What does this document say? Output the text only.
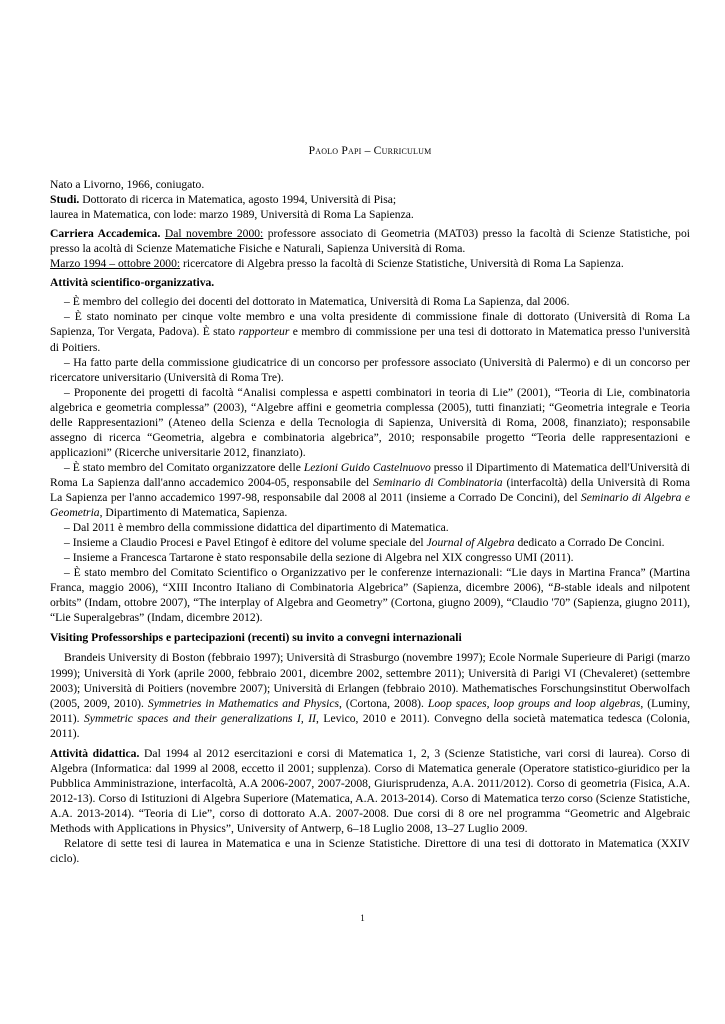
Paolo Papi – Curriculum

Nato a Livorno, 1966, coniugato.

Studi. Dottorato di ricerca in Matematica, agosto 1994, Università di Pisa;
laurea in Matematica, con lode: marzo 1989, Università di Roma La Sapienza.

Carriera Accademica. Dal novembre 2000: professore associato di Geometria (MAT03) presso la facoltà di Scienze Statistiche, poi presso la acoltà di Scienze Matematiche Fisiche e Naturali, Sapienza Università di Roma.
Marzo 1994 – ottobre 2000: ricercatore di Algebra presso la facoltà di Scienze Statistiche, Università di Roma La Sapienza.

Attività scientifico-organizzativa.

– È membro del collegio dei docenti del dottorato in Matematica, Università di Roma La Sapienza, dal 2006.

– È stato nominato per cinque volte membro e una volta presidente di commissione finale di dottorato (Università di Roma La Sapienza, Tor Vergata, Padova). È stato rapporteur e membro di commissione per una tesi di dottorato in Matematica presso l'università di Poitiers.

– Ha fatto parte della commissione giudicatrice di un concorso per professore associato (Università di Palermo) e di un concorso per ricercatore universitario (Università di Roma Tre).

– Proponente dei progetti di facoltà “Analisi complessa e aspetti combinatori in teoria di Lie” (2001), “Teoria di Lie, combinatoria algebrica e geometria complessa” (2003), “Algebre affini e geometria complessa (2005), tutti finanziati; “Geometria integrale e Teoria delle Rappresentazioni” (Ateneo della Scienza e della Tecnologia di Sapienza, Università di Roma, 2008, finanziato); responsabile assegno di ricerca “Geometria, algebra e combinatoria algebrica”, 2010; responsabile progetto “Teoria delle rappresentazioni e applicazioni” (Ricerche universitarie 2012, finanziato).

– È stato membro del Comitato organizzatore delle Lezioni Guido Castelnuovo presso il Dipartimento di Matematica dell'Università di Roma La Sapienza dall'anno accademico 2004-05, responsabile del Seminario di Combinatoria (interfacoltà) della Università di Roma La Sapienza per l'anno accademico 1997-98, responsabile dal 2008 al 2011 (insieme a Corrado De Concini), del Seminario di Algebra e Geometria, Dipartimento di Matematica, Sapienza.

– Dal 2011 è membro della commissione didattica del dipartimento di Matematica.

– Insieme a Claudio Procesi e Pavel Etingof è editore del volume speciale del Journal of Algebra dedicato a Corrado De Concini.

– Insieme a Francesca Tartarone è stato responsabile della sezione di Algebra nel XIX congresso UMI (2011).

– È stato membro del Comitato Scientifico o Organizzativo per le conferenze internazionali: “Lie days in Martina Franca” (Martina Franca, maggio 2006), “XIII Incontro Italiano di Combinatoria Algebrica” (Sapienza, dicembre 2006), “B-stable ideals and nilpotent orbits” (Indam, ottobre 2007), “The interplay of Algebra and Geometry” (Cortona, giugno 2009), “Claudio '70” (Sapienza, giugno 2011), “Lie Superalgebras” (Indam, dicembre 2012).

Visiting Professorships e partecipazioni (recenti) su invito a convegni internazionali

Brandeis University di Boston (febbraio 1997); Università di Strasburgo (novembre 1997); Ecole Normale Superieure di Parigi (marzo 1999); Università di York (aprile 2000, febbraio 2001, dicembre 2002, settembre 2011); Università di Parigi VI (Chevaleret) (settembre 2003); Università di Poitiers (novembre 2007); Università di Erlangen (febbraio 2010). Mathematisches Forschungsinstitut Oberwolfach (2005, 2009, 2010). Symmetries in Mathematics and Physics, (Cortona, 2008). Loop spaces, loop groups and loop algebras, (Luminy, 2011). Symmetric spaces and their generalizations I, II, Levico, 2010 e 2011). Convegno della società matematica tedesca (Colonia, 2011).

Attività didattica. Dal 1994 al 2012 esercitazioni e corsi di Matematica 1, 2, 3 (Scienze Statistiche, vari corsi di laurea). Corso di Algebra (Informatica: dal 1999 al 2008, eccetto il 2001; supplenza). Corso di Matematica generale (Operatore statistico-giuridico per la Pubblica Amministrazione, interfacoltà, A.A 2006-2007, 2007-2008, Giurisprudenza, A.A. 2011/2012). Corso di geometria (Fisica, A.A. 2012-13). Corso di Istituzioni di Algebra Superiore (Matematica, A.A. 2013-2014). Corso di Matematica terzo corso (Scienze Statistiche, A.A. 2013-2014). “Teoria di Lie”, corso di dottorato A.A. 2007-2008. Due corsi di 8 ore nel programma “Geometric and Algebraic Methods with Applications in Physics”, University of Antwerp, 6–18 Luglio 2008, 13–27 Luglio 2009.

Relatore di sette tesi di laurea in Matematica e una in Scienze Statistiche. Direttore di una tesi di dottorato in Matematica (XXIV ciclo).

1
